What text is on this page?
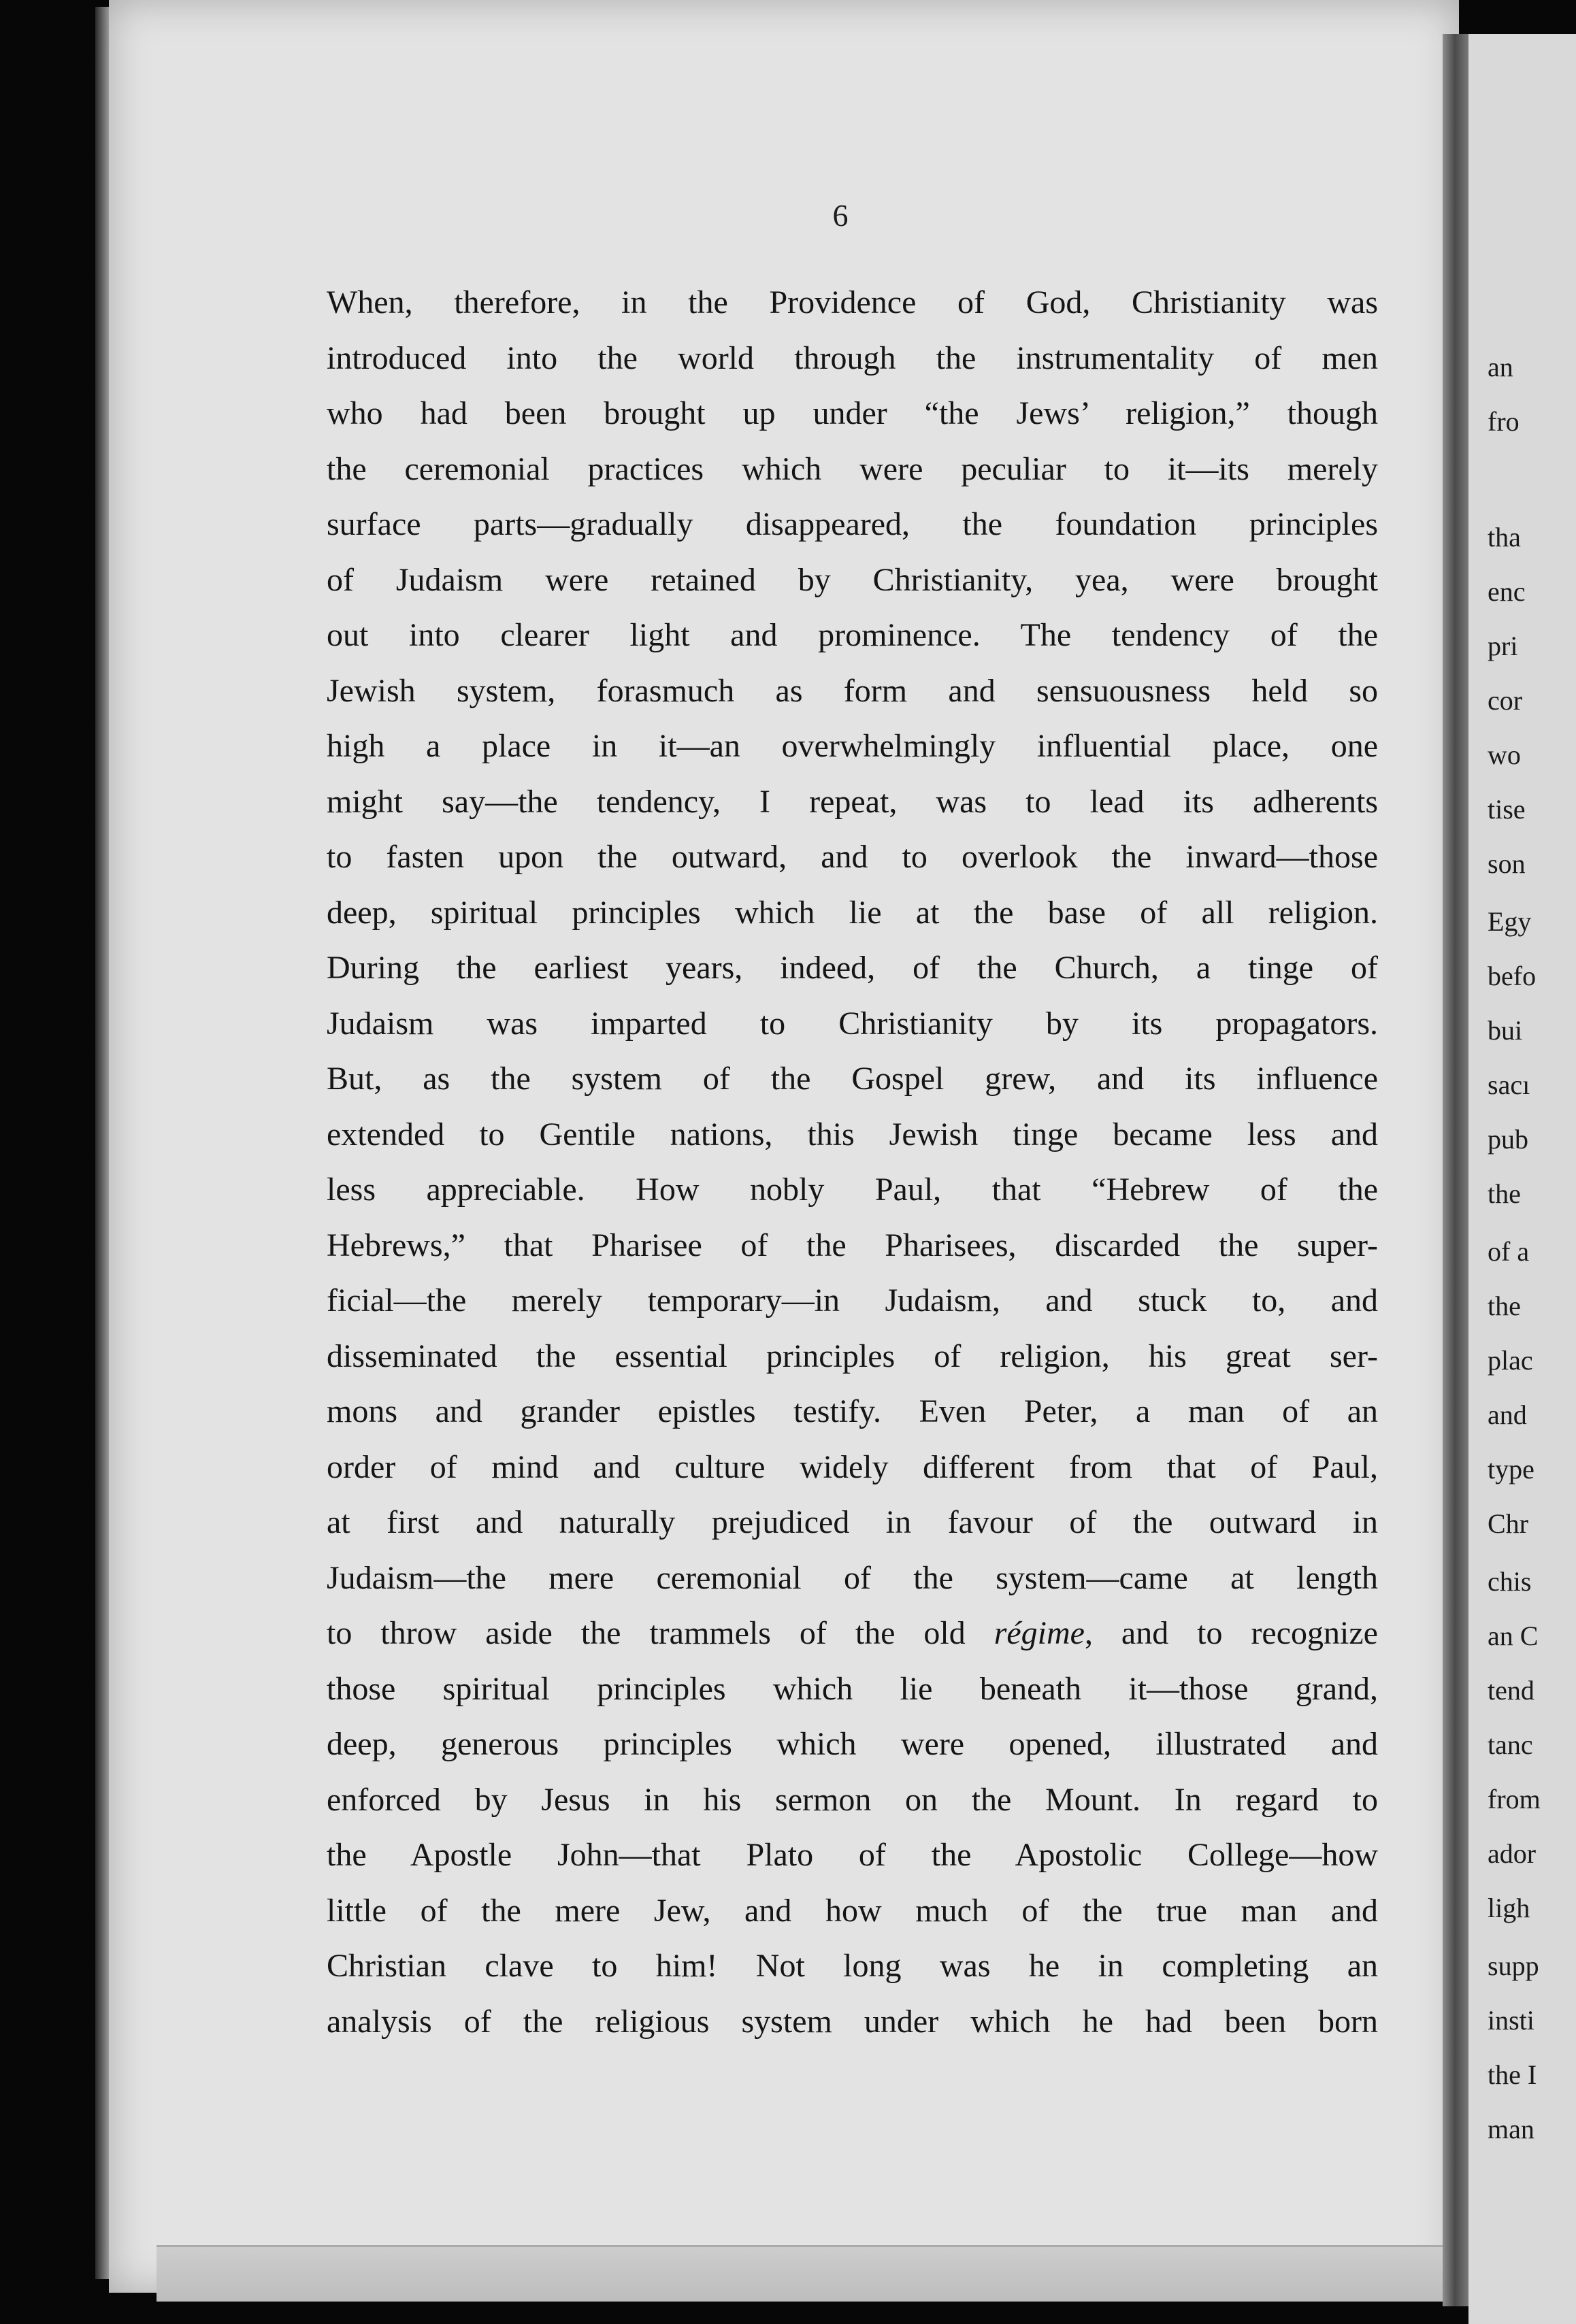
6
When, therefore, in the Providence of God, Christianity was
introduced into the world through the instrumentality of men
who had been brought up under “the Jews’ religion,” though
the ceremonial practices which were peculiar to it—its merely
surface parts—gradually disappeared, the foundation principles
of Judaism were retained by Christianity, yea, were brought
out into clearer light and prominence. The tendency of the
Jewish system, forasmuch as form and sensuousness held so
high a place in it—an overwhelmingly influential place, one
might say—the tendency, I repeat, was to lead its adherents
to fasten upon the outward, and to overlook the inward—those
deep, spiritual principles which lie at the base of all religion.
During the earliest years, indeed, of the Church, a tinge of
Judaism was imparted to Christianity by its propagators.
But, as the system of the Gospel grew, and its influence
extended to Gentile nations, this Jewish tinge became less and
less appreciable. How nobly Paul, that “Hebrew of the
Hebrews,” that Pharisee of the Pharisees, discarded the super-
ficial—the merely temporary—in Judaism, and stuck to, and
disseminated the essential principles of religion, his great ser-
mons and grander epistles testify. Even Peter, a man of an
order of mind and culture widely different from that of Paul,
at first and naturally prejudiced in favour of the outward in
Judaism—the mere ceremonial of the system—came at length
to throw aside the trammels of the old régime, and to recognize
those spiritual principles which lie beneath it—those grand,
deep, generous principles which were opened, illustrated and
enforced by Jesus in his sermon on the Mount. In regard to
the Apostle John—that Plato of the Apostolic College—how
little of the mere Jew, and how much of the true man and
Christian clave to him! Not long was he in completing an
analysis of the religious system under which he had been born
an
fro
tha
enc
pri
cor
wo
tise
son
Egy
befo
bui
sacı
pub
the
of a
the
plac
and
type
Chr
chis
an C
tend
tanc
from
ador
ligh
supp
insti
the I
man
